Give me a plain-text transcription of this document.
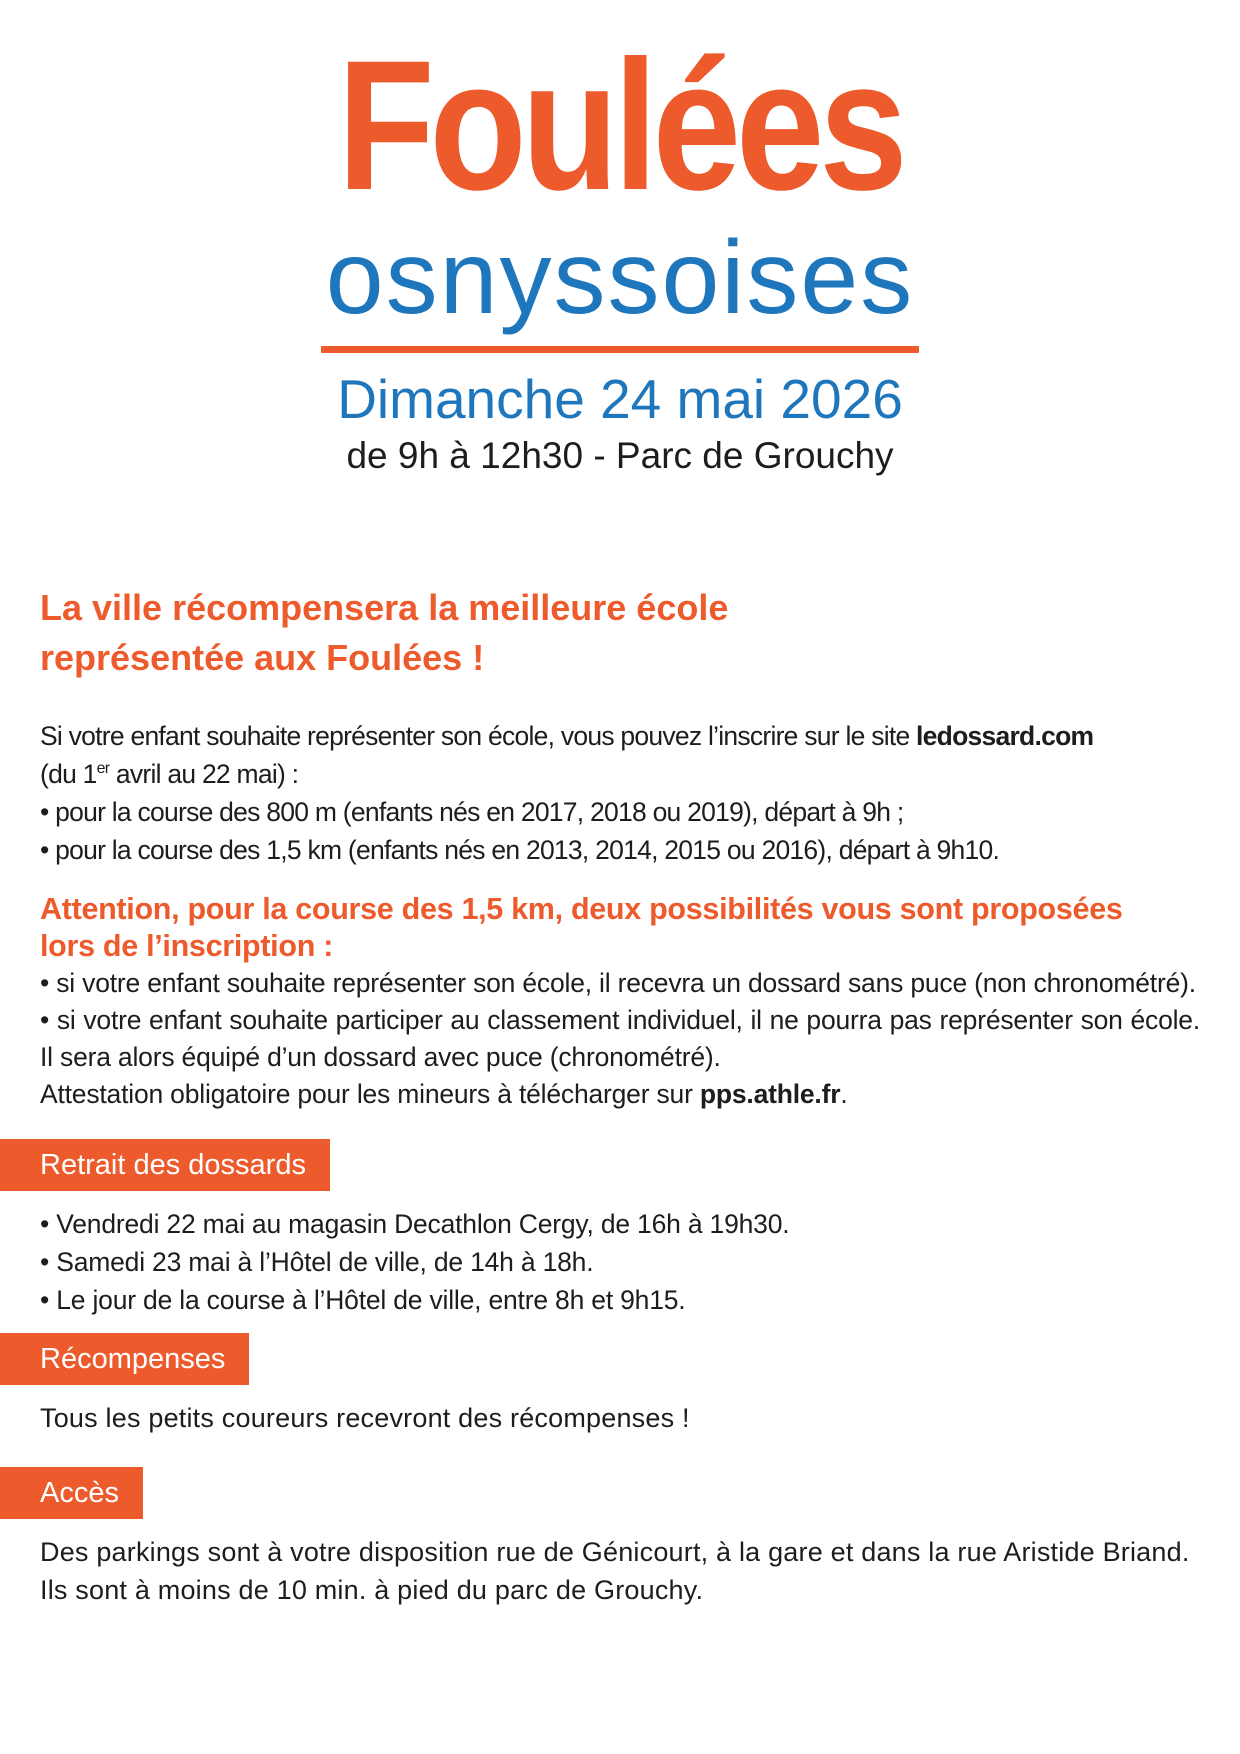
Foulées
osnyssoises
Dimanche 24 mai 2026
de 9h à 12h30 - Parc de Grouchy
La ville récompensera la meilleure école
représentée aux Foulées !

Si votre enfant souhaite représenter son école, vous pouvez l’inscrire sur le site ledossard.com
(du 1er avril au 22 mai) :
• pour la course des 800 m (enfants nés en 2017, 2018 ou 2019), départ à 9h ;
• pour la course des 1,5 km (enfants nés en 2013, 2014, 2015 ou 2016), départ à 9h10.

Attention, pour la course des 1,5 km, deux possibilités vous sont proposées
lors de l’inscription :

• si votre enfant souhaite représenter son école, il recevra un dossard sans puce (non chronométré).

• si votre enfant souhaite participer au classement individuel, il ne pourra pas représenter son école. Il sera alors équipé d’un dossard avec puce (chronométré).

Attestation obligatoire pour les mineurs à télécharger sur pps.athle.fr.

Retrait des dossards
• Vendredi 22 mai au magasin Decathlon Cergy, de 16h à 19h30.
• Samedi 23 mai à l’Hôtel de ville, de 14h à 18h.
• Le jour de la course à l’Hôtel de ville, entre 8h et 9h15.
Récompenses

Tous les petits coureurs recevront des récompenses !

Accès

Des parkings sont à votre disposition rue de Génicourt, à la gare et dans la rue Aristide Briand. Ils sont à moins de 10 min. à pied du parc de Grouchy.
